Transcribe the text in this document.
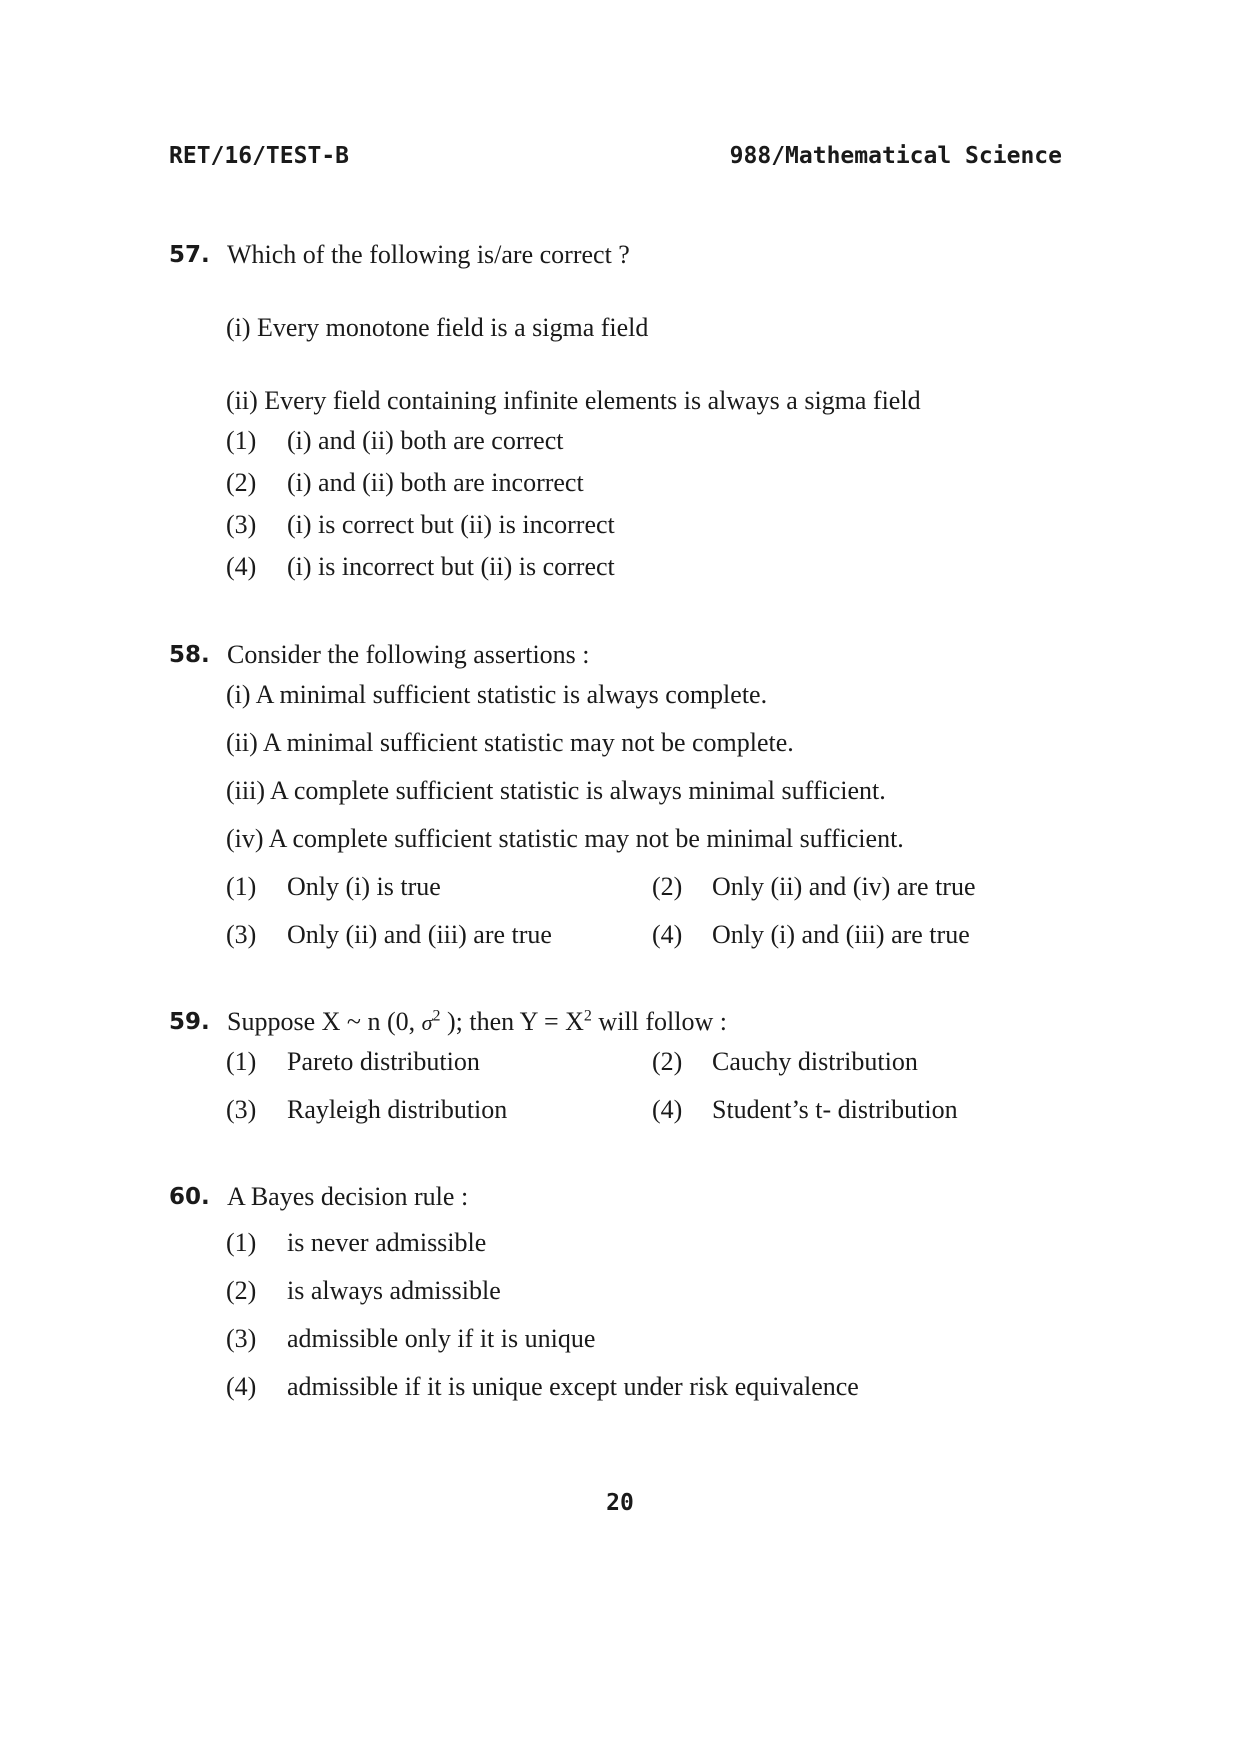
RET/16/TEST-B	988/Mathematical Science
57. Which of the following is/are correct ?
(i) Every monotone field is a sigma field
(ii) Every field containing infinite elements is always a sigma field
(1) (i) and (ii) both are correct
(2) (i) and (ii) both are incorrect
(3) (i) is correct but (ii) is incorrect
(4) (i) is incorrect but (ii) is correct
58. Consider the following assertions :
(i) A minimal sufficient statistic is always complete.
(ii) A minimal sufficient statistic may not be complete.
(iii) A complete sufficient statistic is always minimal sufficient.
(iv) A complete sufficient statistic may not be minimal sufficient.
(1) Only (i) is true	(2) Only (ii) and (iv) are true
(3) Only (ii) and (iii) are true	(4) Only (i) and (iii) are true
59. Suppose X ~ n (0, $\sigma^2$ ); then $Y = X^2$ will follow :
(1) Pareto distribution	(2) Cauchy distribution
(3) Rayleigh distribution	(4) Student’s t- distribution
60. A Bayes decision rule :
(1) is never admissible
(2) is always admissible
(3) admissible only if it is unique
(4) admissible if it is unique except under risk equivalence
20
